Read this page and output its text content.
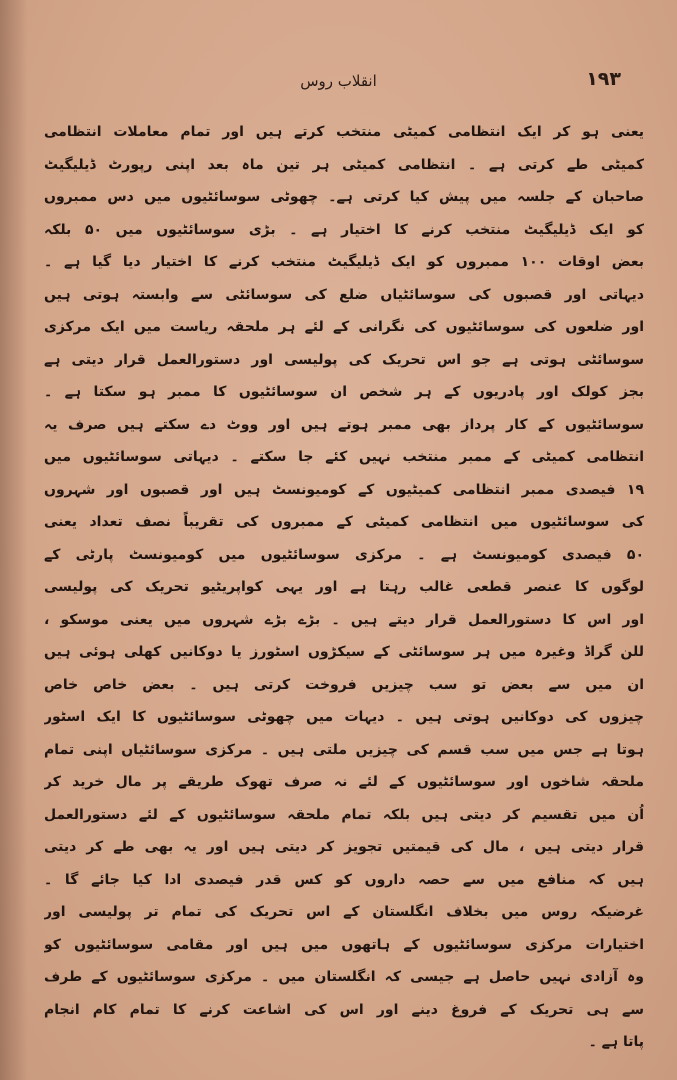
۱۹۳
انقلاب روس
یعنی ہو کر ایک انتظامی کمیٹی منتخب کرتے ہیں اور تمام معاملات انتظامی
کمیٹی طے کرتی ہے ۔ انتظامی کمیٹی ہر تین ماہ بعد اپنی رپورٹ ڈیلیگیٹ
صاحبان کے جلسہ میں پیش کیا کرتی ہے۔ چھوٹی سوسائٹیوں میں دس ممبروں
کو ایک ڈیلیگیٹ منتخب کرنے کا اختیار ہے ۔ بڑی سوسائٹیوں میں ۵۰ بلکہ
بعض اوقات ۱۰۰ ممبروں کو ایک ڈیلیگیٹ منتخب کرنے کا اختیار دیا گیا ہے ۔
دیہاتی اور قصبوں کی سوسائٹیاں ضلع کی سوسائٹی سے وابستہ ہوتی ہیں
اور ضلعوں کی سوسائٹیوں کی نگرانی کے لئے ہر ملحقہ ریاست میں ایک مرکزی
سوسائٹی ہوتی ہے جو اس تحریک کی پولیسی اور دستورالعمل قرار دیتی ہے
بجز کولک اور پادریوں کے ہر شخص ان سوسائٹیوں کا ممبر ہو سکتا ہے ۔
سوسائٹیوں کے کار پرداز بھی ممبر ہوتے ہیں اور ووٹ دے سکتے ہیں صرف یہ
انتظامی کمیٹی کے ممبر منتخب نہیں کئے جا سکتے ۔ دیہاتی سوسائٹیوں میں
۱۹ فیصدی ممبر انتظامی کمیٹیوں کے کومیونسٹ ہیں اور قصبوں اور شہروں
کی سوسائٹیوں میں انتظامی کمیٹی کے ممبروں کی تقریباً نصف تعداد یعنی
۵۰ فیصدی کومیونسٹ ہے ۔ مرکزی سوسائٹیوں میں کومیونسٹ پارٹی کے
لوگوں کا عنصر قطعی غالب رہتا ہے اور یہی کواپریٹیو تحریک کی پولیسی
اور اس کا دستورالعمل قرار دیتے ہیں ۔ بڑے بڑے شہروں میں یعنی موسکو ،
للن گراڈ وغیرہ میں ہر سوسائٹی کے سیکڑوں اسٹورز یا دوکانیں کھلی ہوئی ہیں
ان میں سے بعض تو سب چیزیں فروخت کرتی ہیں ۔ بعض خاص خاص
چیزوں کی دوکانیں ہوتی ہیں ۔ دیہات میں چھوٹی سوسائٹیوں کا ایک اسٹور
ہوتا ہے جس میں سب قسم کی چیزیں ملتی ہیں ۔ مرکزی سوسائٹیاں اپنی تمام
ملحقہ شاخوں اور سوسائٹیوں کے لئے نہ صرف تھوک طریقے پر مال خرید کر
اُن میں تقسیم کر دیتی ہیں بلکہ تمام ملحقہ سوسائٹیوں کے لئے دستورالعمل
قرار دیتی ہیں ، مال کی قیمتیں تجویز کر دیتی ہیں اور یہ بھی طے کر دیتی
ہیں کہ منافع میں سے حصہ داروں کو کس قدر فیصدی ادا کیا جائے گا ۔
غرضیکہ روس میں بخلاف انگلستان کے اس تحریک کی تمام تر پولیسی اور
اختیارات مرکزی سوسائٹیوں کے ہاتھوں میں ہیں اور مقامی سوسائٹیوں کو
وہ آزادی نہیں حاصل ہے جیسی کہ انگلستان میں ۔ مرکزی سوسائٹیوں کے طرف
سے ہی تحریک کے فروغ دینے اور اس کی اشاعت کرنے کا تمام کام انجام
پاتا ہے ۔
